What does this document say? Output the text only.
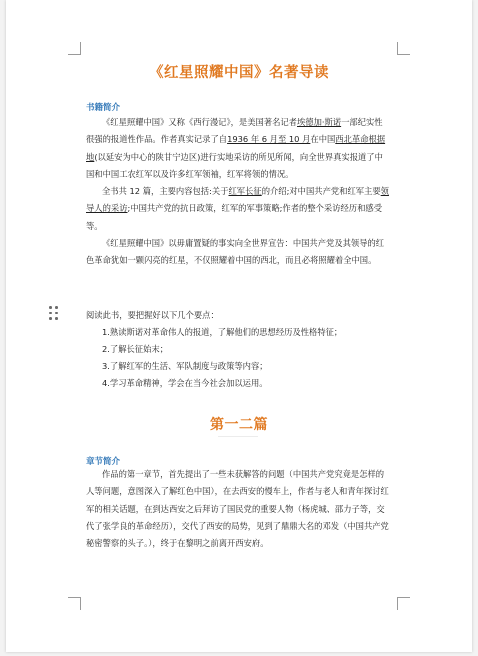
《红星照耀中国》名著导读
书籍简介

《红星照耀中国》又称《西行漫记》，是美国著名记者埃德加·斯诺一部纪实性很强的报道性作品。作者真实记录了自1936 年 6 月至 10 月在中国西北革命根据地(以延安为中心的陕甘宁边区)进行实地采访的所见所闻，向全世界真实报道了中国和中国工农红军以及许多红军领袖，红军将领的情况。

全书共 12 篇，主要内容包括:关于红军长征的介绍;对中国共产党和红军主要领导人的采访;中国共产党的抗日政策，红军的军事策略;作者的整个采访经历和感受等。

《红星照耀中国》以毋庸置疑的事实向全世界宣告：中国共产党及其领导的红色革命犹如一颗闪亮的红星，不仅照耀着中国的西北，而且必将照耀着全中国。

阅读此书，要把握好以下几个要点：
1.熟读斯诺对革命伟人的报道，了解他们的思想经历及性格特征；
2.了解长征始末；
3.了解红军的生活、军队制度与政策等内容；
4.学习革命精神，学会在当今社会加以运用。
第一二篇
章节简介

作品的第一章节，首先提出了一些未获解答的问题（中国共产党究竟是怎样的人等问题，意图深入了解红色中国），在去西安的慢车上，作者与老人和青年探讨红军的相关话题，在到达西安之后拜访了国民党的重要人物（杨虎城、邵力子等，交代了张学良的革命经历），交代了西安的局势，见到了鼎鼎大名的邓发（中国共产党秘密警察的头子。），终于在黎明之前离开西安府。
